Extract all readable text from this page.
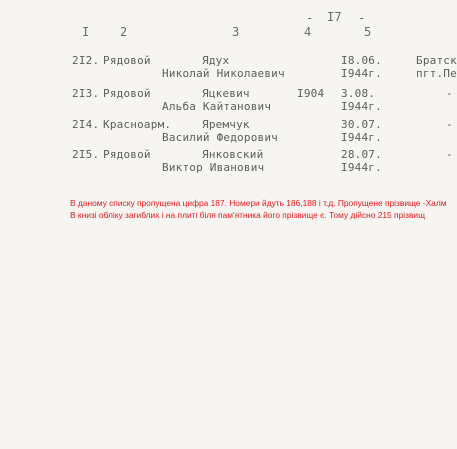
- I7 -
I	2	3	4	5
2I2. Рядовой	Ядух	I8.06.	Братск
Николай Николаевич	I944г.	пгт.Пе
2I3. Рядовой	Яцкевич	I904 3.08.	-
Альба Кайтанович	I944г.
2I4. Красноарм.	Яремчук	30.07.	-
Василий Федорович	I944г.
2I5. Рядовой	Янковский	28.07.	-
Виктор Иванович	I944г.
В даному списку пропущена цифра 187. Номери йдуть 186,188 і т.д. Пропущене прізвище -Халм
В книзі обліку загиблих і на плиті біля пам'ятника його прізвище є. Тому дійсно 215 прізвищ
